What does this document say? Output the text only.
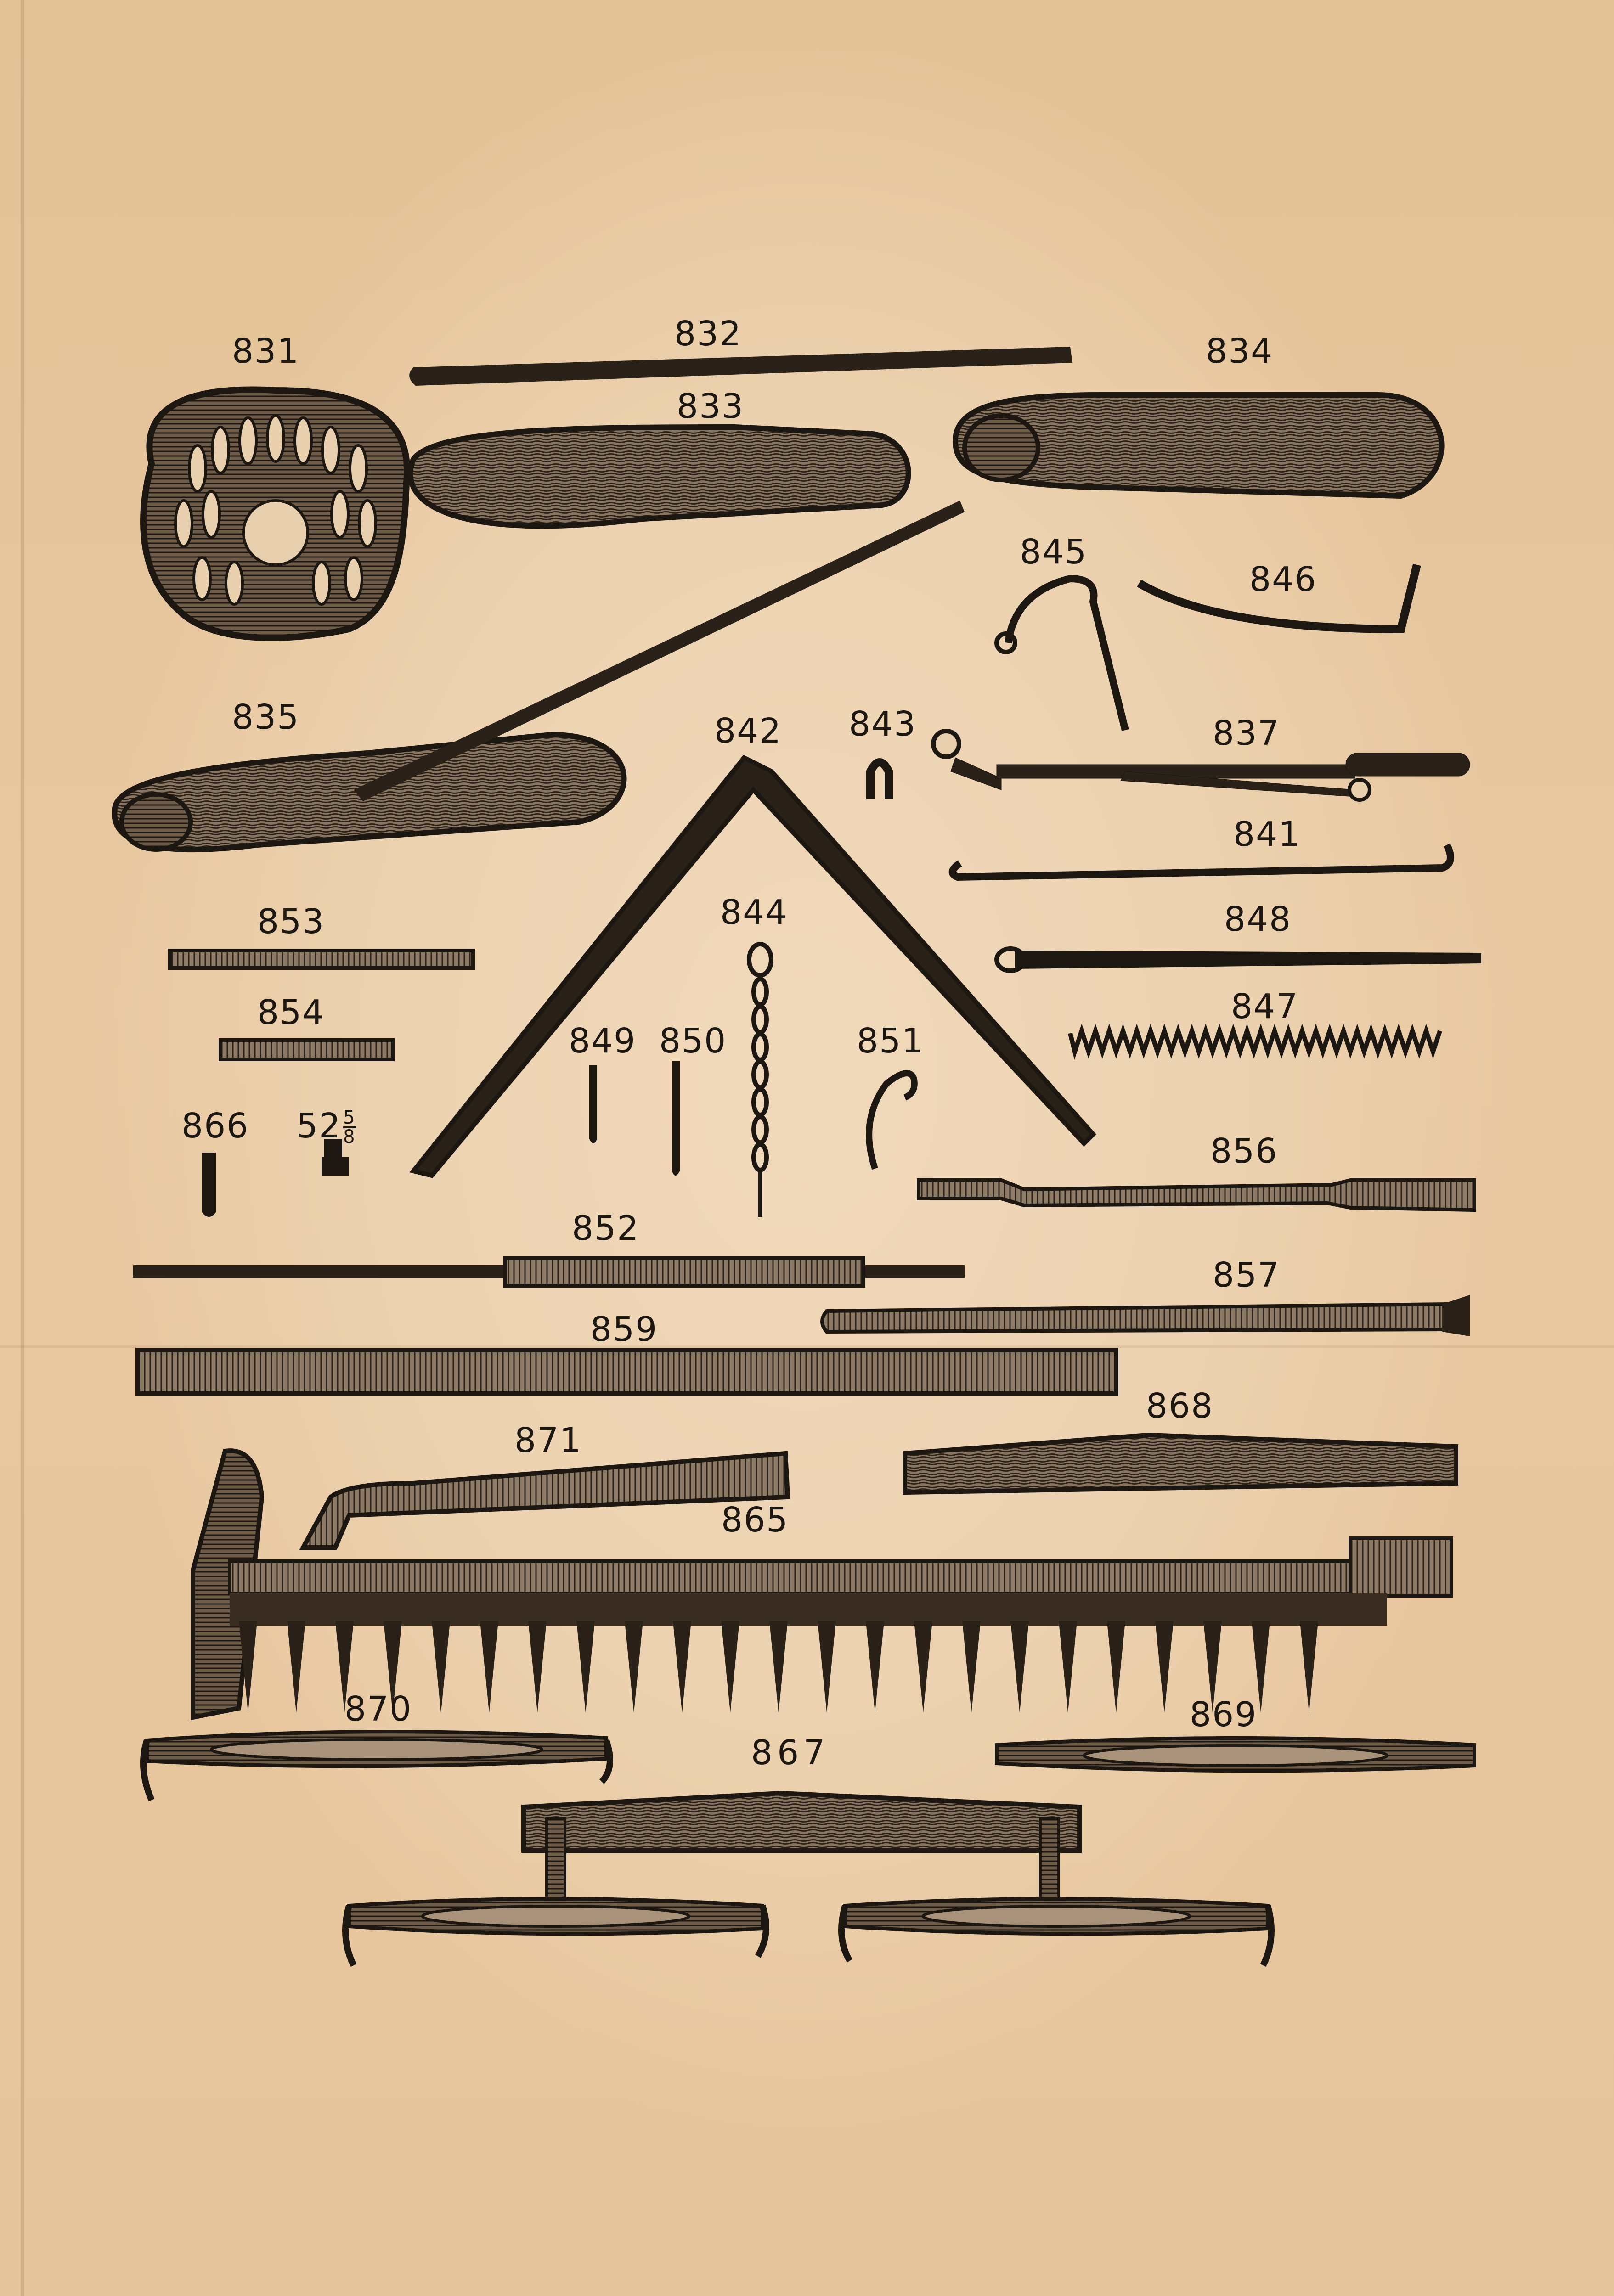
831	832
833
834
835	842 843
845
846
837
841
853	844	848
854	847
849 850	851
866 $52 \frac{5}{8}$
856
852
857
859
868
871
865
870	869
867
